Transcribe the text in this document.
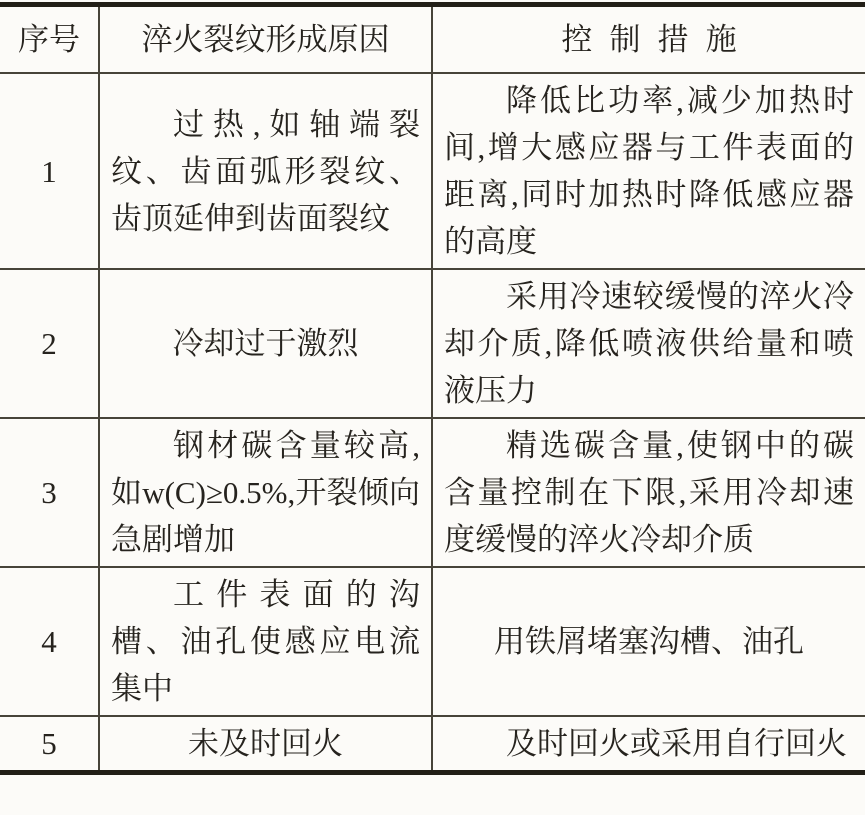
序号	淬火裂纹形成原因	控制措施
1	过热,如轴端裂纹、齿面弧形裂纹、齿顶延伸到齿面裂纹	降低比功率,减少加热时间,增大感应器与工件表面的距离,同时加热时降低感应器的高度
2	冷却过于激烈	采用冷速较缓慢的淬火冷却介质,降低喷液供给量和喷液压力
3	钢材碳含量较高,如w(C)≥0.5%,开裂倾向急剧增加	精选碳含量,使钢中的碳含量控制在下限,采用冷却速度缓慢的淬火冷却介质
4	工件表面的沟槽、油孔使感应电流集中	用铁屑堵塞沟槽、油孔
5	未及时回火	及时回火或采用自行回火
